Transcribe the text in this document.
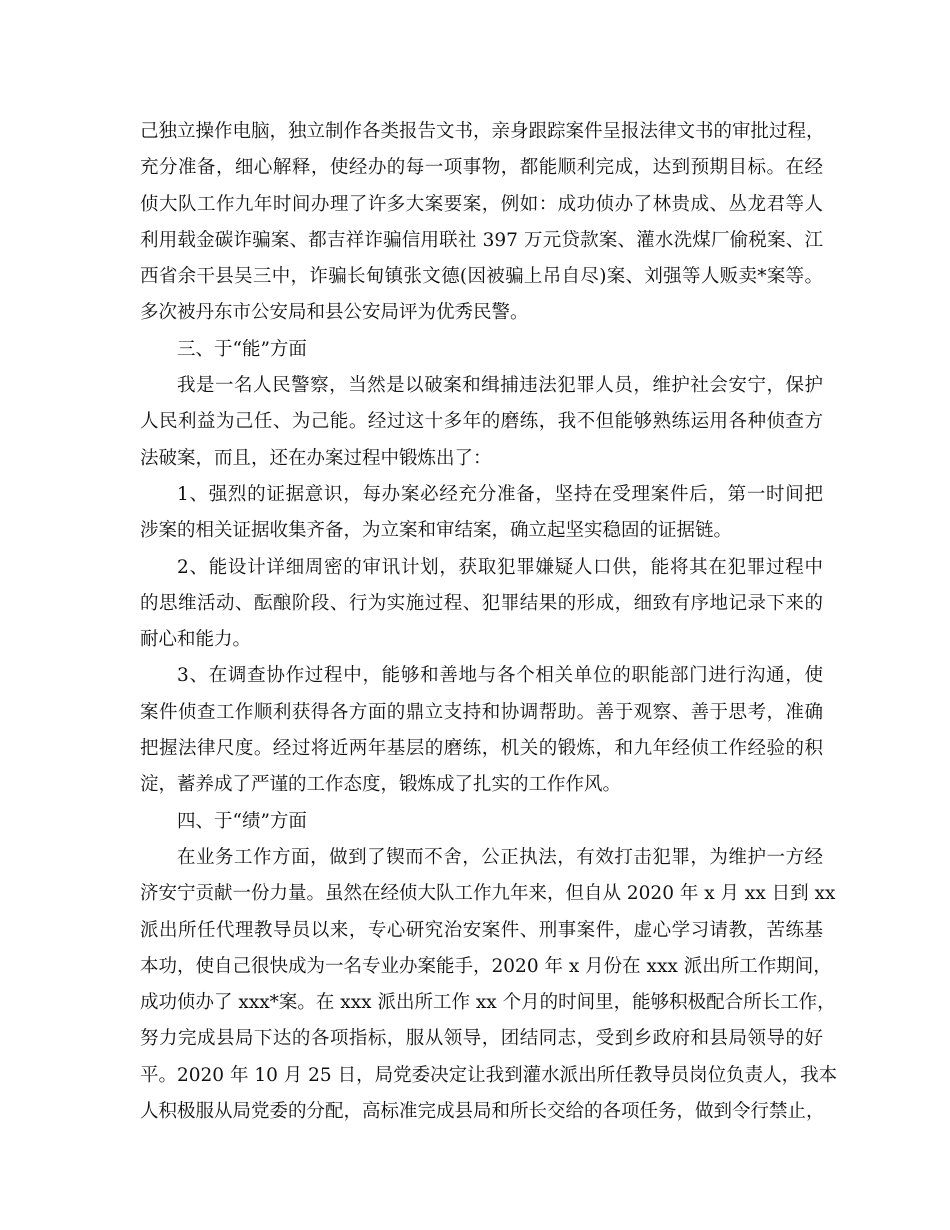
己独立操作电脑，独立制作各类报告文书，亲身跟踪案件呈报法律文书的审批过程，
充分准备，细心解释，使经办的每一项事物，都能顺利完成，达到预期目标。在经
侦大队工作九年时间办理了许多大案要案，例如：成功侦办了林贵成、丛龙君等人
利用载金碳诈骗案、都吉祥诈骗信用联社 397 万元贷款案、灌水洗煤厂偷税案、江
西省余干县吴三中，诈骗长甸镇张文德(因被骗上吊自尽)案、刘强等人贩卖*案等。
多次被丹东市公安局和县公安局评为优秀民警。
三、于“能”方面
我是一名人民警察，当然是以破案和缉捕违法犯罪人员，维护社会安宁，保护
人民利益为己任、为己能。经过这十多年的磨练，我不但能够熟练运用各种侦查方
法破案，而且，还在办案过程中锻炼出了：
1、强烈的证据意识，每办案必经充分准备，坚持在受理案件后，第一时间把
涉案的相关证据收集齐备，为立案和审结案，确立起坚实稳固的证据链。
2、能设计详细周密的审讯计划，获取犯罪嫌疑人口供，能将其在犯罪过程中
的思维活动、酝酿阶段、行为实施过程、犯罪结果的形成，细致有序地记录下来的
耐心和能力。
3、在调查协作过程中，能够和善地与各个相关单位的职能部门进行沟通，使
案件侦查工作顺利获得各方面的鼎立支持和协调帮助。善于观察、善于思考，准确
把握法律尺度。经过将近两年基层的磨练，机关的锻炼，和九年经侦工作经验的积
淀，蓄养成了严谨的工作态度，锻炼成了扎实的工作作风。
四、于“绩”方面
在业务工作方面，做到了锲而不舍，公正执法，有效打击犯罪，为维护一方经
济安宁贡献一份力量。虽然在经侦大队工作九年来，但自从 2020 年 x 月 xx 日到 xx
派出所任代理教导员以来，专心研究治安案件、刑事案件，虚心学习请教，苦练基
本功，使自己很快成为一名专业办案能手，2020 年 x 月份在 xxx 派出所工作期间，
成功侦办了 xxx*案。在 xxx 派出所工作 xx 个月的时间里，能够积极配合所长工作，
努力完成县局下达的各项指标，服从领导，团结同志，受到乡政府和县局领导的好
平。2020 年 10 月 25 日，局党委决定让我到灌水派出所任教导员岗位负责人，我本
人积极服从局党委的分配，高标准完成县局和所长交给的各项任务，做到令行禁止，
